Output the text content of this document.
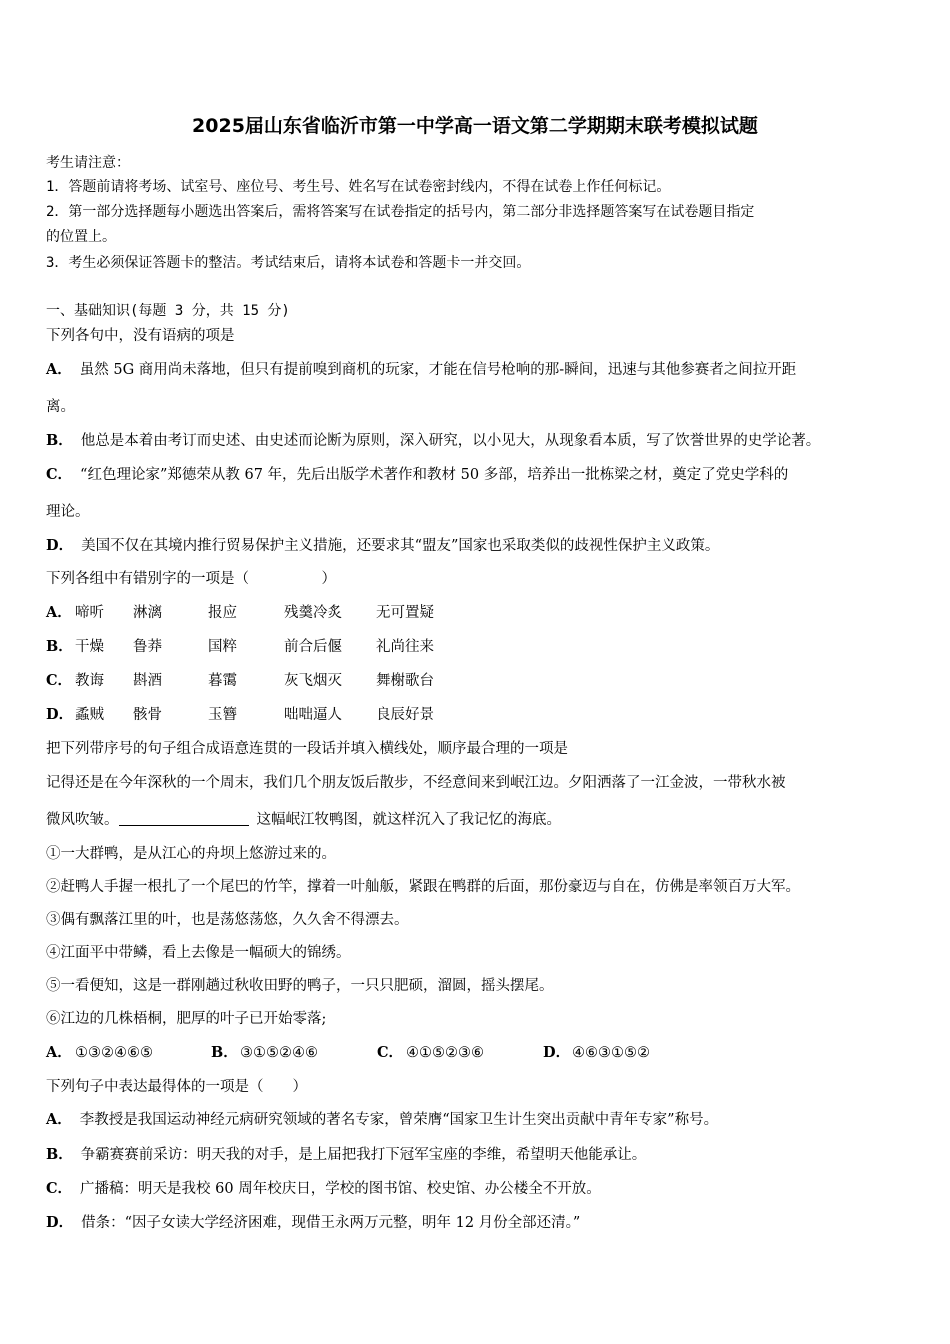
2025届山东省临沂市第一中学高一语文第二学期期末联考模拟试题
考生请注意：
1．答题前请将考场、试室号、座位号、考生号、姓名写在试卷密封线内，不得在试卷上作任何标记。
2．第一部分选择题每小题选出答案后，需将答案写在试卷指定的括号内，第二部分非选择题答案写在试卷题目指定
的位置上。
3．考生必须保证答题卡的整洁。考试结束后，请将本试卷和答题卡一并交回。
一、基础知识(每题 3 分，共 15 分)
下列各句中，没有语病的项是
A． 虽然 5G 商用尚未落地，但只有提前嗅到商机的玩家，才能在信号枪响的那-瞬间，迅速与其他参赛者之间拉开距
离。
B． 他总是本着由考订而史述、由史述而论断为原则，深入研究，以小见大，从现象看本质，写了饮誉世界的史学论著。
C． “红色理论家”郑德荣从教 67 年，先后出版学术著作和教材 50 多部，培养出一批栋梁之材，奠定了党史学科的
理论。
D． 美国不仅在其境内推行贸易保护主义措施，还要求其“盟友”国家也采取类似的歧视性保护主义政策。
下列各组中有错别字的一项是（　　　　　）
A． 啼听 淋漓	报应	残羹冷炙 无可置疑
B． 干燥 鲁莽	国粹	前合后偃 礼尚往来
C． 教诲 斟酒	暮霭	灰飞烟灭 舞榭歌台
D． 蟊贼 骸骨	玉簪	咄咄逼人 良辰好景
把下列带序号的句子组合成语意连贯的一段话并填入横线处，顺序最合理的一项是
记得还是在今年深秋的一个周末，我们几个朋友饭后散步，不经意间来到岷江边。夕阳洒落了一江金波，一带秋水被
微风吹皱。	这幅岷江牧鸭图，就这样沉入了我记忆的海底。
①一大群鸭，是从江心的舟坝上悠游过来的。
②赶鸭人手握一根扎了一个尾巴的竹竿，撑着一叶舢舨，紧跟在鸭群的后面，那份豪迈与自在，仿佛是率领百万大军。
③偶有飘落江里的叶，也是荡悠荡悠，久久舍不得漂去。
④江面平中带鳞，看上去像是一幅硕大的锦绣。
⑤一看便知，这是一群刚趟过秋收田野的鸭子，一只只肥硕，溜圆，摇头摆尾。
⑥江边的几株梧桐，肥厚的叶子已开始零落;
A． ①③②④⑥⑤	B． ③①⑤②④⑥	C． ④①⑤②③⑥	D． ④⑥③①⑤②
下列句子中表达最得体的一项是（　　）
A． 李教授是我国运动神经元病研究领域的著名专家，曾荣膺“国家卫生计生突出贡献中青年专家”称号。
B． 争霸赛赛前采访：明天我的对手，是上届把我打下冠军宝座的李维，希望明天他能承让。
C． 广播稿：明天是我校 60 周年校庆日，学校的图书馆、校史馆、办公楼全不开放。
D． 借条：“因子女读大学经济困难，现借王永两万元整，明年 12 月份全部还清。”
